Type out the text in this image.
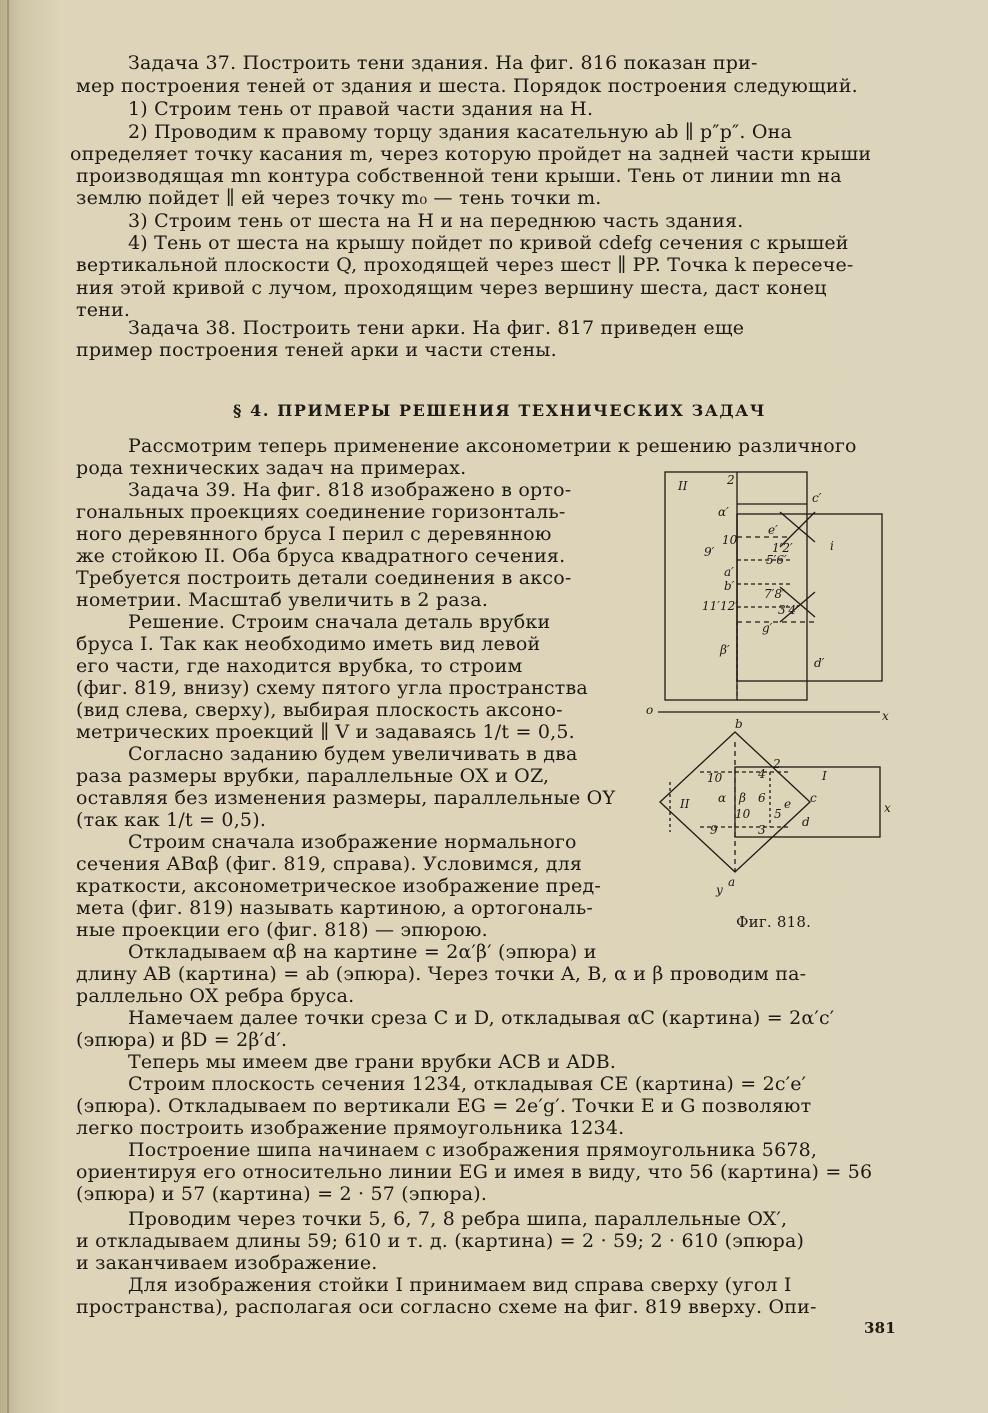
Задача 37. Построить тени здания. На фиг. 816 показан при-
мер построения теней от здания и шеста. Порядок построения следующий.
1) Строим тень от правой части здания на H.
2) Проводим к правому торцу здания касательную ab ∥ p″p″. Она
определяет точку касания m, через которую пройдет на задней части крыши
производящая mn контура собственной тени крыши. Тень от линии mn на
землю пойдет ∥ ей через точку m₀ — тень точки m.
3) Строим тень от шеста на H и на переднюю часть здания.
4) Тень от шеста на крышу пойдет по кривой cdefg сечения с крышей
вертикальной плоскости Q, проходящей через шест ∥ PP. Точка k пересече-
ния этой кривой с лучом, проходящим через вершину шеста, даст конец
тени.
Задача 38. Построить тени арки. На фиг. 817 приведен еще
пример построения теней арки и части стены.
§ 4. ПРИМЕРЫ РЕШЕНИЯ ТЕХНИЧЕСКИХ ЗАДАЧ
Рассмотрим теперь применение аксонометрии к решению различного
рода технических задач на примерах.
Задача 39. На фиг. 818 изображено в орто-
гональных проекциях соединение горизонталь-
ного деревянного бруса I перил с деревянною
же стойкою II. Оба бруса квадратного сечения.
Требуется построить детали соединения в аксо-
нометрии. Масштаб увеличить в 2 раза.
Решение. Строим сначала деталь врубки
бруса I. Так как необходимо иметь вид левой
его части, где находится врубка, то строим
(фиг. 819, внизу) схему пятого угла пространства
(вид слева, сверху), выбирая плоскость аксоно-
метрических проекций ∥ V и задаваясь 1/t = 0,5.
Согласно заданию будем увеличивать в два
раза размеры врубки, параллельные OX и OZ,
оставляя без изменения размеры, параллельные OY
(так как 1/t = 0,5).
Строим сначала изображение нормального
сечения ABαβ (фиг. 819, справа). Условимся, для
краткости, аксонометрическое изображение пред-
мета (фиг. 819) называть картиною, а ортогональ-
ные проекции его (фиг. 818) — эпюрою.
Откладываем αβ на картине = 2α′β′ (эпюра) и
длину AB (картина) = ab (эпюра). Через точки A, B, α и β проводим па-
раллельно OX ребра бруса.
Намечаем далее точки среза C и D, откладывая αC (картина) = 2α′c′
(эпюра) и βD = 2β′d′.
Теперь мы имеем две грани врубки ACB и ADB.
Строим плоскость сечения 1234, откладывая CE (картина) = 2c′e′
(эпюра). Откладываем по вертикали EG = 2e′g′. Точки E и G позволяют
легко построить изображение прямоугольника 1234.
Построение шипа начинаем с изображения прямоугольника 5678,
ориентируя его относительно линии EG и имея в виду, что 56 (картина) = 56
(эпюра) и 57 (картина) = 2 · 57 (эпюра).
Проводим через точки 5, 6, 7, 8 ребра шипа, параллельные OX′,
и откладываем длины 59; 610 и т. д. (картина) = 2 · 59; 2 · 610 (эпюра)
и заканчиваем изображение.
Для изображения стойки I принимаем вид справа сверху (угол I
пространства), располагая оси согласно схеме на фиг. 819 вверху. Опи-
II	2
c′
α′
e′
10
1′2′	i
9′
5′6′
a′
b′
11′12′
7′8′
3′4′
g′
β′
d′
o	x
b
10	4
2
I
α β 6	c
e	x
II
10 5
d
9	3
y
a
Фиг. 818.
381
